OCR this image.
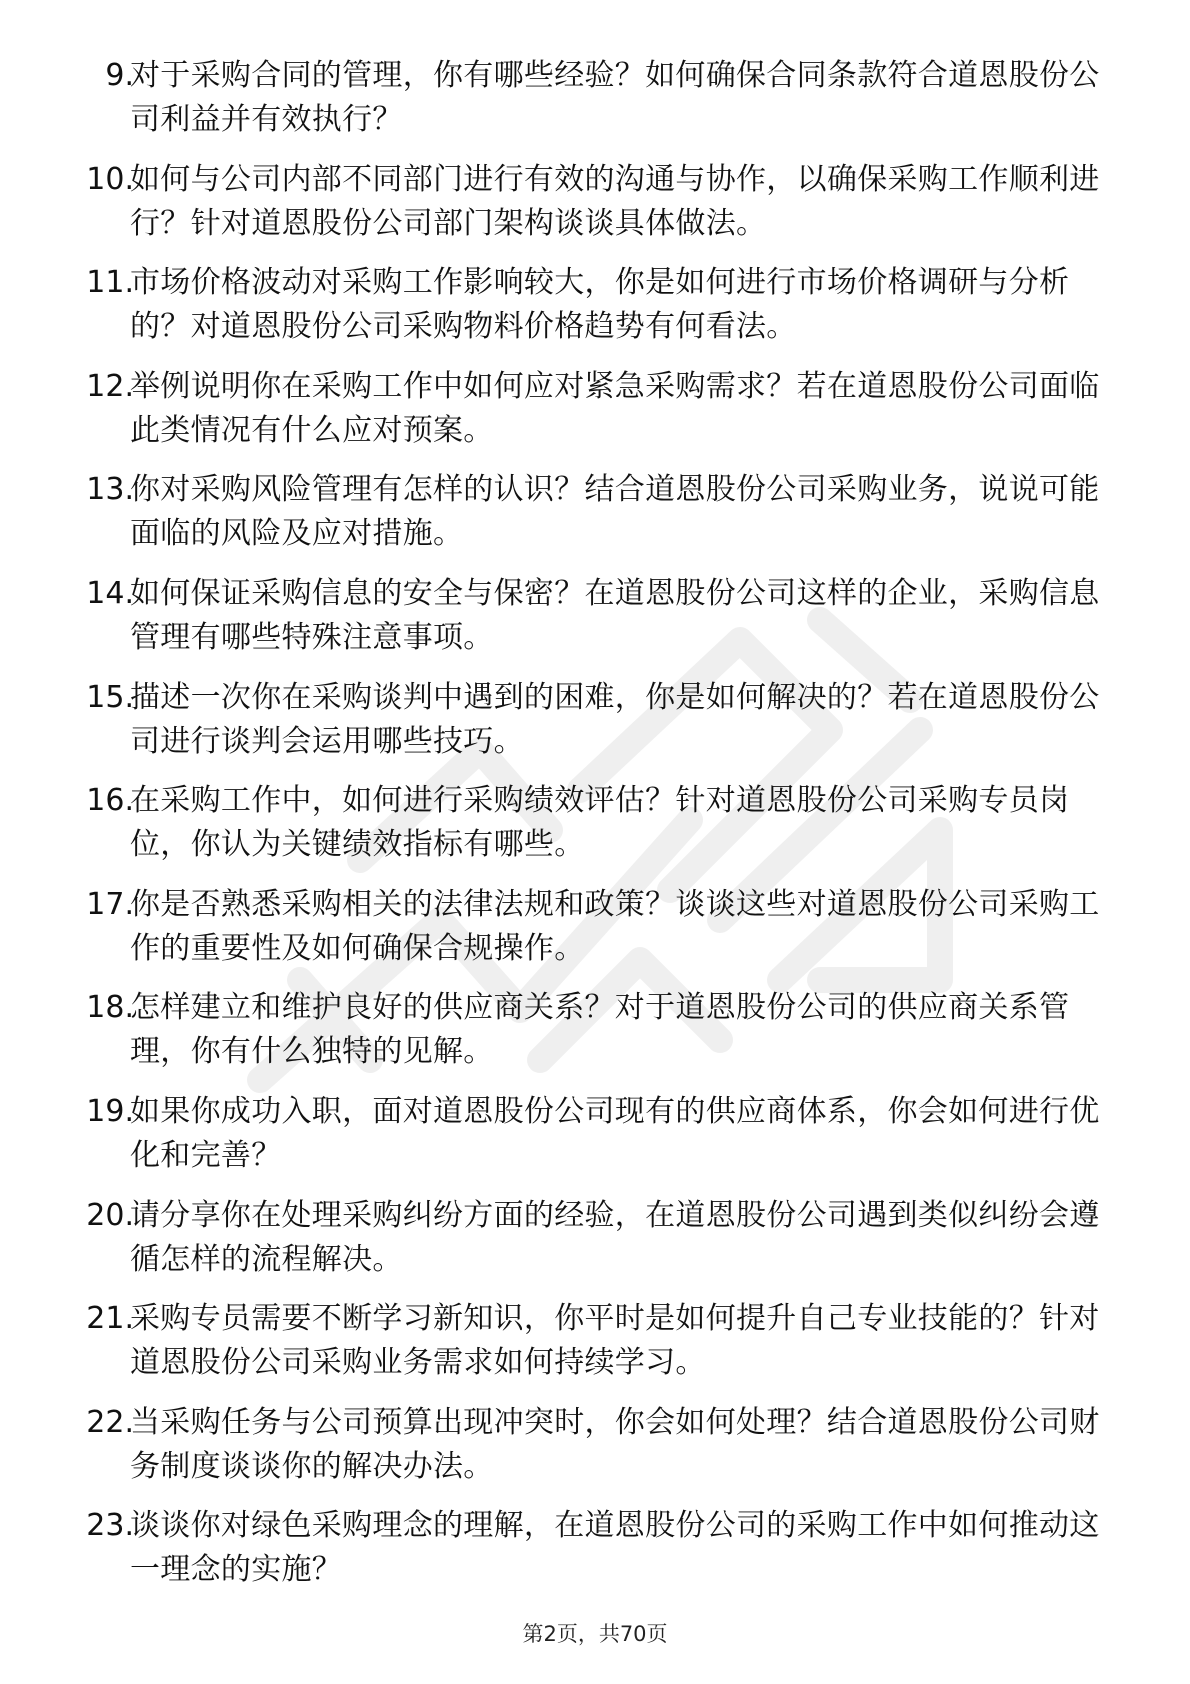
9.
对于采购合同的管理，你有哪些经验？如何确保合同条款符合道恩股份公司利益并有效执行？
10.
如何与公司内部不同部门进行有效的沟通与协作，以确保采购工作顺利进行？针对道恩股份公司部门架构谈谈具体做法。
11.
市场价格波动对采购工作影响较大，你是如何进行市场价格调研与分析的？对道恩股份公司采购物料价格趋势有何看法。
12.
举例说明你在采购工作中如何应对紧急采购需求？若在道恩股份公司面临此类情况有什么应对预案。
13.
你对采购风险管理有怎样的认识？结合道恩股份公司采购业务，说说可能面临的风险及应对措施。
14.
如何保证采购信息的安全与保密？在道恩股份公司这样的企业，采购信息管理有哪些特殊注意事项。
15.
描述一次你在采购谈判中遇到的困难，你是如何解决的？若在道恩股份公司进行谈判会运用哪些技巧。
16.
在采购工作中，如何进行采购绩效评估？针对道恩股份公司采购专员岗位，你认为关键绩效指标有哪些。
17.
你是否熟悉采购相关的法律法规和政策？谈谈这些对道恩股份公司采购工作的重要性及如何确保合规操作。
18.
怎样建立和维护良好的供应商关系？对于道恩股份公司的供应商关系管理，你有什么独特的见解。
19.
如果你成功入职，面对道恩股份公司现有的供应商体系，你会如何进行优化和完善？
20.
请分享你在处理采购纠纷方面的经验，在道恩股份公司遇到类似纠纷会遵循怎样的流程解决。
21.
采购专员需要不断学习新知识，你平时是如何提升自己专业技能的？针对道恩股份公司采购业务需求如何持续学习。
22.
当采购任务与公司预算出现冲突时，你会如何处理？结合道恩股份公司财务制度谈谈你的解决办法。
23.
谈谈你对绿色采购理念的理解，在道恩股份公司的采购工作中如何推动这一理念的实施？
第2页，共70页
